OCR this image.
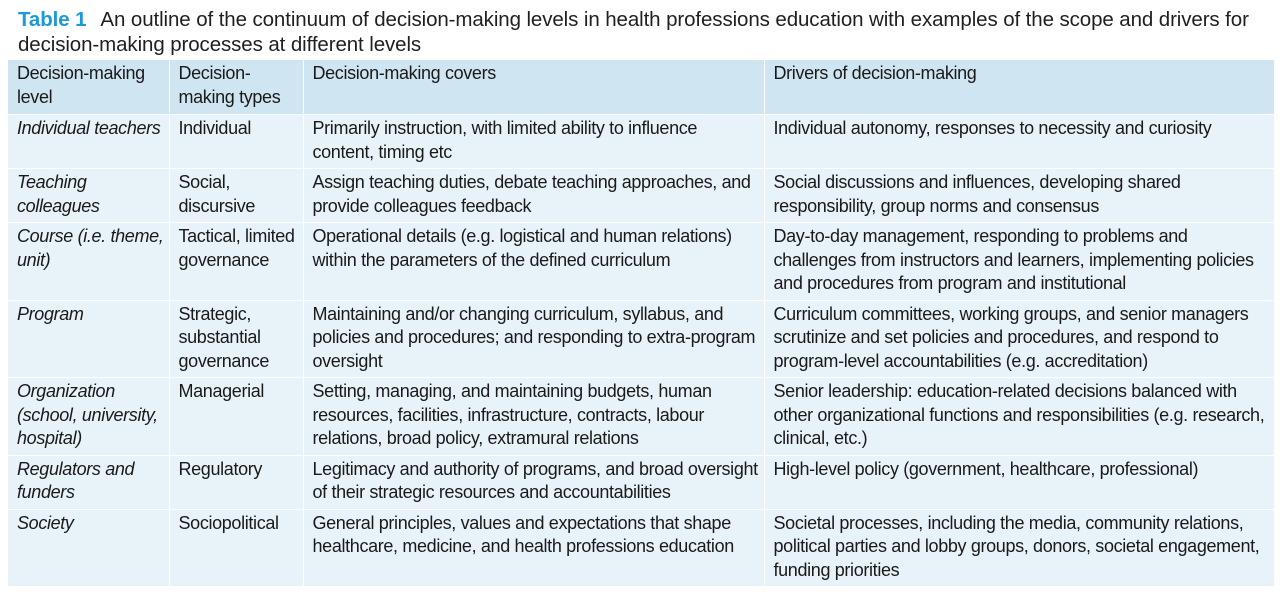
Table 1 An outline of the continuum of decision-making levels in health professions education with examples of the scope and drivers for decision-making processes at different levels
Decision-making level	Decision-making types	Decision-making covers	Drivers of decision-making
Individual teachers	Individual	Primarily instruction, with limited ability to influence content, timing etc	Individual autonomy, responses to necessity and curiosity
Teaching colleagues	Social, discursive	Assign teaching duties, debate teaching approaches, and provide colleagues feedback	Social discussions and influences, developing shared responsibility, group norms and consensus
Course (i.e. theme, unit)	Tactical, limited governance	Operational details (e.g. logistical and human relations) within the parameters of the defined curriculum	Day-to-day management, responding to problems and challenges from instructors and learners, implementing policies and procedures from program and institutional
Program	Strategic, substantial governance	Maintaining and/or changing curriculum, syllabus, and policies and procedures; and responding to extra-program oversight	Curriculum committees, working groups, and senior managers scrutinize and set policies and procedures, and respond to program-level accountabilities (e.g. accreditation)
Organization (school, university, hospital)	Managerial	Setting, managing, and maintaining budgets, human resources, facilities, infrastructure, contracts, labour relations, broad policy, extramural relations	Senior leadership: education-related decisions balanced with other organizational functions and responsibilities (e.g. research, clinical, etc.)
Regulators and funders	Regulatory	Legitimacy and authority of programs, and broad oversight of their strategic resources and accountabilities	High-level policy (government, healthcare, professional)
Society	Sociopolitical	General principles, values and expectations that shape healthcare, medicine, and health professions education	Societal processes, including the media, community relations, political parties and lobby groups, donors, societal engagement, funding priorities
